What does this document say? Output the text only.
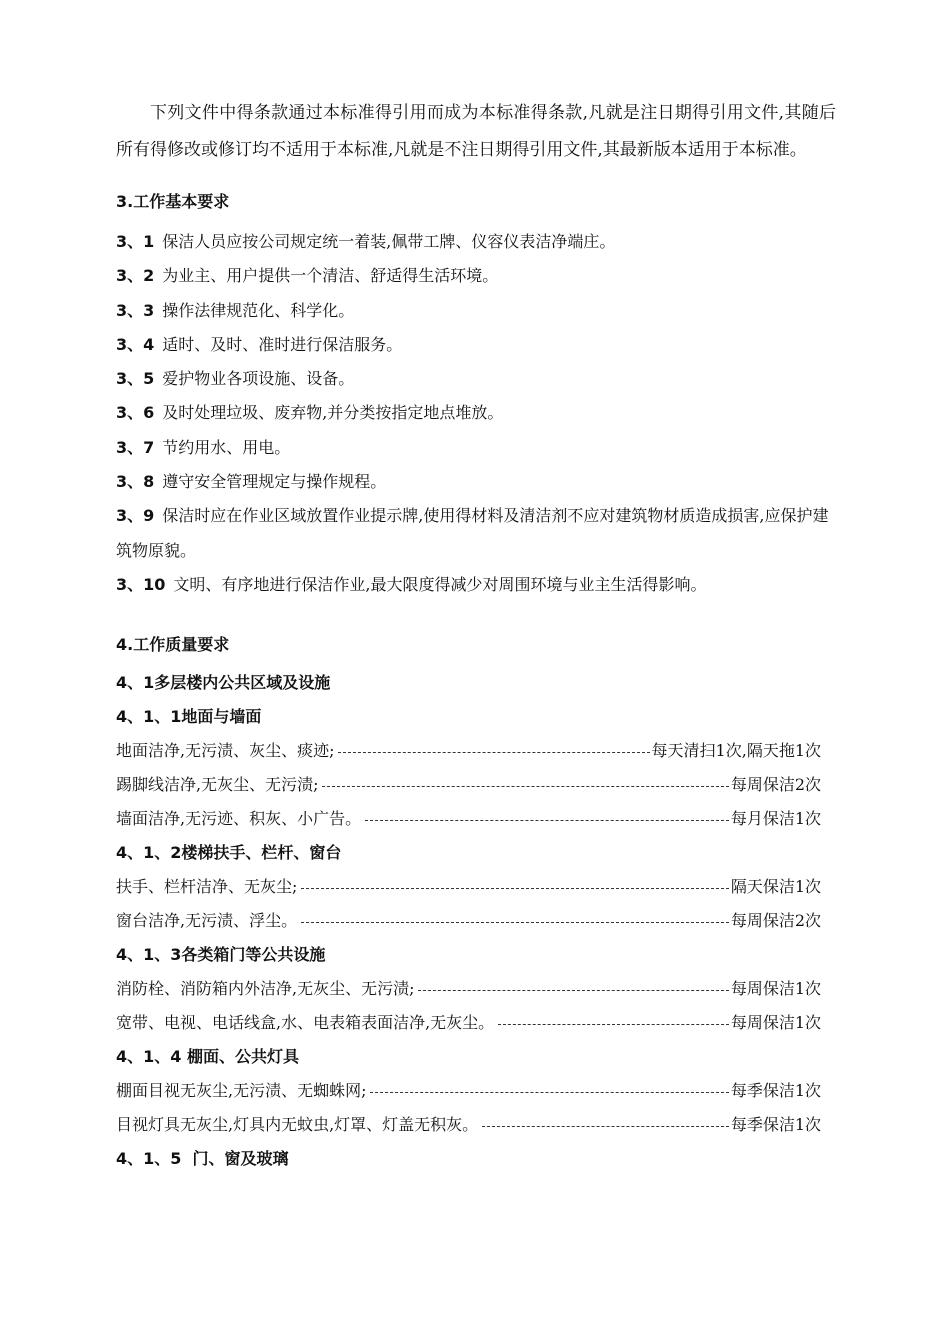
下列文件中得条款通过本标准得引用而成为本标准得条款,凡就是注日期得引用文件,其随后所有得修改或修订均不适用于本标准,凡就是不注日期得引用文件,其最新版本适用于本标准。

3.工作基本要求

3、1 保洁人员应按公司规定统一着装,佩带工牌、仪容仪表洁净端庄。

3、2 为业主、用户提供一个清洁、舒适得生活环境。

3、3 操作法律规范化、科学化。

3、4 适时、及时、准时进行保洁服务。

3、5 爱护物业各项设施、设备。

3、6 及时处理垃圾、废弃物,并分类按指定地点堆放。

3、7 节约用水、用电。

3、8 遵守安全管理规定与操作规程。

3、9 保洁时应在作业区域放置作业提示牌,使用得材料及清洁剂不应对建筑物材质造成损害,应保护建筑物原貌。

3、10 文明、有序地进行保洁作业,最大限度得减少对周围环境与业主生活得影响。

4.工作质量要求

4、1多层楼内公共区域及设施

4、1、1地面与墙面

地面洁净,无污渍、灰尘、痰迹;	每天清扫1次,隔天拖1次
踢脚线洁净,无灰尘、无污渍;	每周保洁2次
墙面洁净,无污迹、积灰、小广告。	每月保洁1次

4、1、2楼梯扶手、栏杆、窗台

扶手、栏杆洁净、无灰尘;	隔天保洁1次
窗台洁净,无污渍、浮尘。	每周保洁2次

4、1、3各类箱门等公共设施

消防栓、消防箱内外洁净,无灰尘、无污渍;	每周保洁1次
宽带、电视、电话线盒,水、电表箱表面洁净,无灰尘。	每周保洁1次

4、1、4 棚面、公共灯具

棚面目视无灰尘,无污渍、无蜘蛛网;	每季保洁1次
目视灯具无灰尘,灯具内无蚊虫,灯罩、灯盖无积灰。	每季保洁1次

4、1、5  门、窗及玻璃
